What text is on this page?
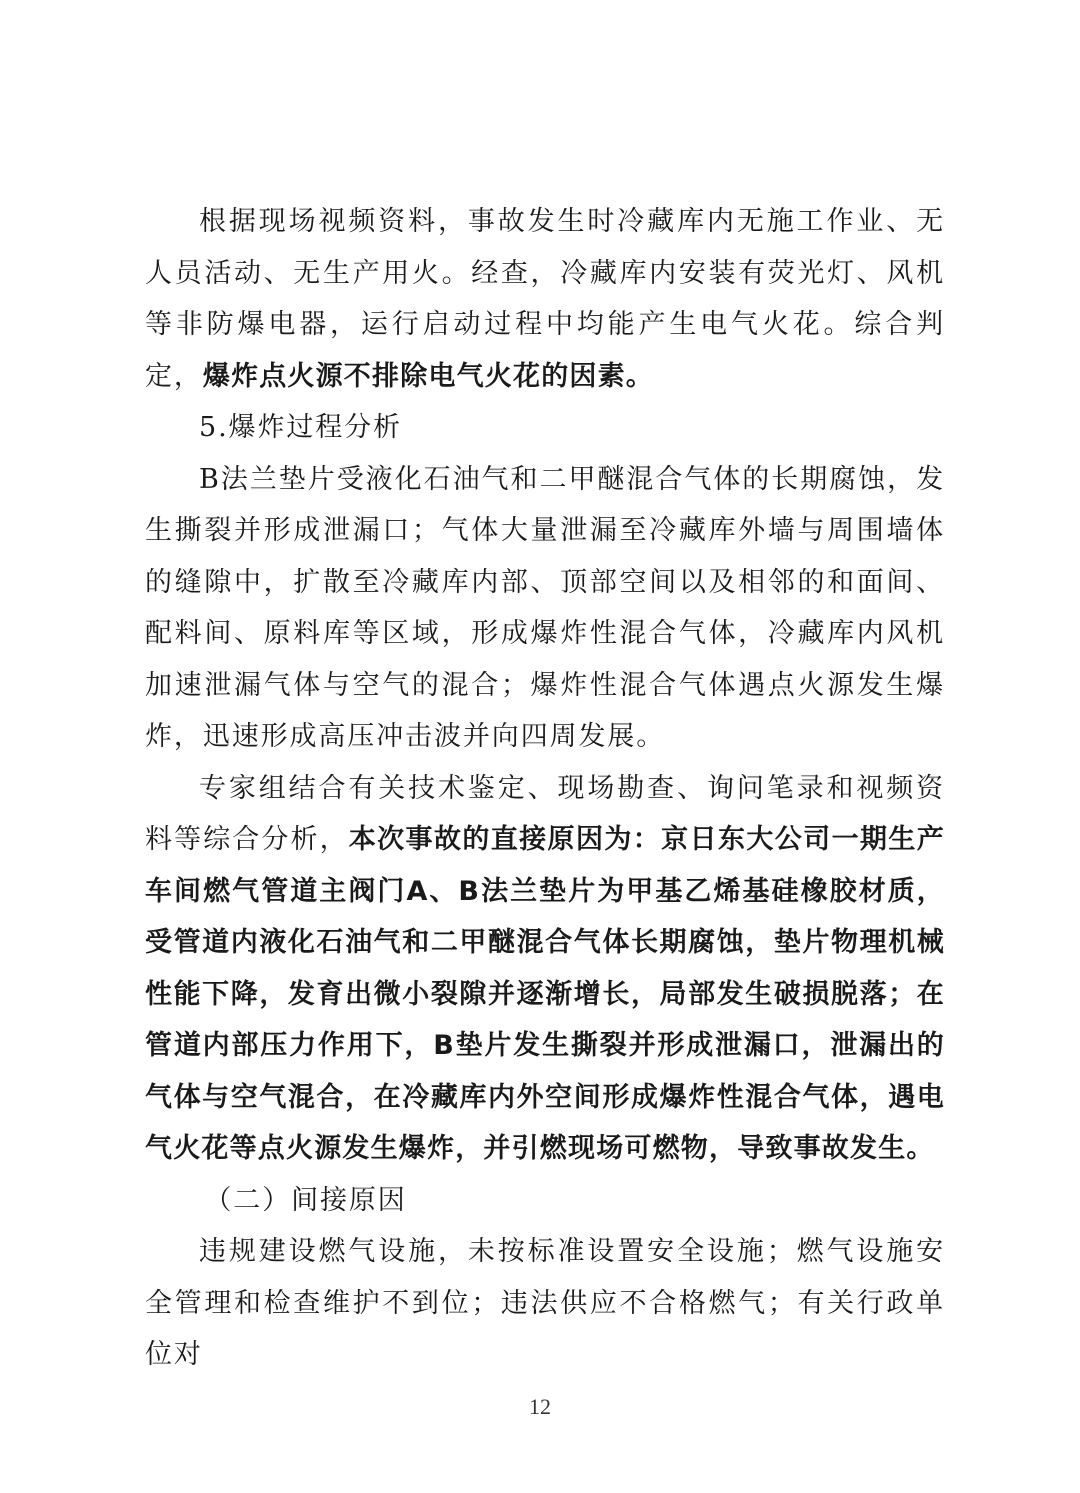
根据现场视频资料，事故发生时冷藏库内无施工作业、无人员活动、无生产用火。经查，冷藏库内安装有荧光灯、风机等非防爆电器，运行启动过程中均能产生电气火花。综合判定，爆炸点火源不排除电气火花的因素。

5.爆炸过程分析

B法兰垫片受液化石油气和二甲醚混合气体的长期腐蚀，发生撕裂并形成泄漏口；气体大量泄漏至冷藏库外墙与周围墙体的缝隙中，扩散至冷藏库内部、顶部空间以及相邻的和面间、配料间、原料库等区域，形成爆炸性混合气体，冷藏库内风机加速泄漏气体与空气的混合；爆炸性混合气体遇点火源发生爆炸，迅速形成高压冲击波并向四周发展。

专家组结合有关技术鉴定、现场勘查、询问笔录和视频资料等综合分析，本次事故的直接原因为：京日东大公司一期生产车间燃气管道主阀门A、B法兰垫片为甲基乙烯基硅橡胶材质，受管道内液化石油气和二甲醚混合气体长期腐蚀，垫片物理机械性能下降，发育出微小裂隙并逐渐增长，局部发生破损脱落；在管道内部压力作用下，B垫片发生撕裂并形成泄漏口，泄漏出的气体与空气混合，在冷藏库内外空间形成爆炸性混合气体，遇电气火花等点火源发生爆炸，并引燃现场可燃物，导致事故发生。

（二）间接原因

违规建设燃气设施，未按标准设置安全设施；燃气设施安全管理和检查维护不到位；违法供应不合格燃气；有关行政单位对

12
